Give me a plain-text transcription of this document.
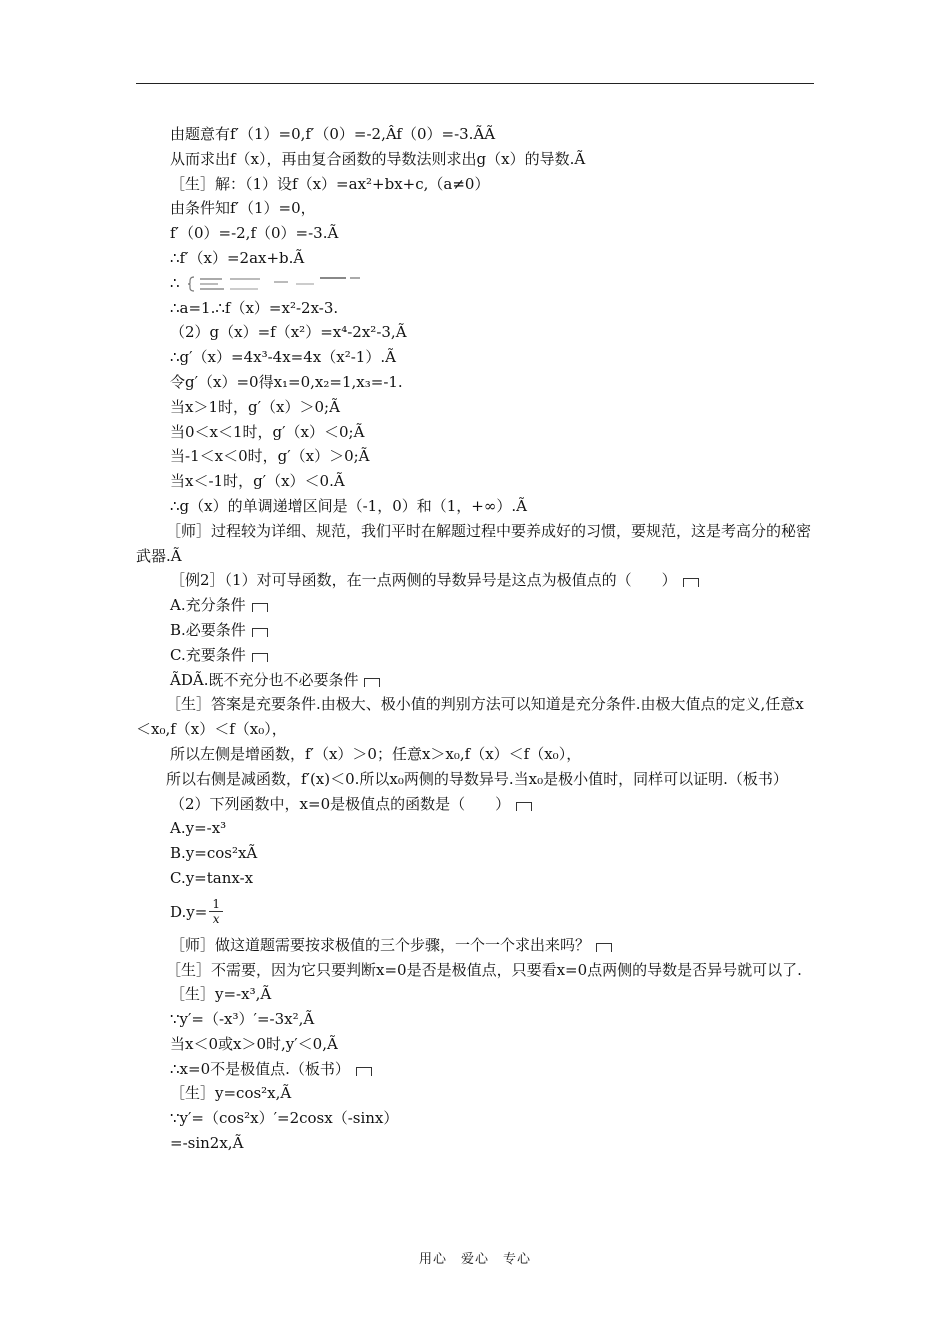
由题意有f′（1）=0,f′（0）=-2,Âf（0）=-3.ÃÃ
从而求出f（x），再由复合函数的导数法则求出g（x）的导数.Ã
［生］解：（1）设f（x）=ax²+bx+c,（a≠0）
由条件知f′（1）=0，
f′（0）=-2,f（0）=-3.Ã
∴f′（x）=2ax+b.Ã
∴
∴a=1.∴f（x）=x²-2x-3.
（2）g（x）=f（x²）=x⁴-2x²-3,Ã
∴g′（x）=4x³-4x=4x（x²-1）.Ã
令g′（x）=0得x₁=0,x₂=1,x₃=-1.
当x＞1时，g′（x）＞0;Ã
当0＜x＜1时，g′（x）＜0;Ã
当-1＜x＜0时，g′（x）＞0;Ã
当x＜-1时，g′（x）＜0.Ã
∴g（x）的单调递增区间是（-1，0）和（1，+∞）.Ã

［师］过程较为详细、规范，我们平时在解题过程中要养成好的习惯，要规范，这是考高分的秘密武器.Ã

［例2］（1）对可导函数，在一点两侧的导数异号是这点为极值点的（　　）
A.充分条件
B.必要条件
C.充要条件
ÃDÃ.既不充分也不必要条件

［生］答案是充要条件.由极大、极小值的判别方法可以知道是充分条件.由极大值点的定义,任意x＜x₀,f（x）＜f（x₀），

所以左侧是增函数，f′（x）＞0；任意x＞x₀,f（x）＜f（x₀），

所以右侧是减函数，f′(x)＜0.所以x₀两侧的导数异号.当x₀是极小值时，同样可以证明.（板书）

（2）下列函数中，x=0是极值点的函数是（　　）
A.y=-x³
B.y=cos²xÃ
C.y=tanx-x
$D.y= \frac{1}{x}$
［师］做这道题需要按求极值的三个步骤，一个一个求出来吗？

［生］不需要，因为它只要判断x=0是否是极值点，只要看x=0点两侧的导数是否异号就可以了.

［生］y=-x³,Ã
∵y′=（-x³）′=-3x²,Ã
当x＜0或x＞0时,y′＜0,Ã
∴x=0不是极值点.（板书）
［生］y=cos²x,Ã
∵y′=（cos²x）′=2cosx（-sinx）
=-sin2x,Ã
用心　爱心　专心
